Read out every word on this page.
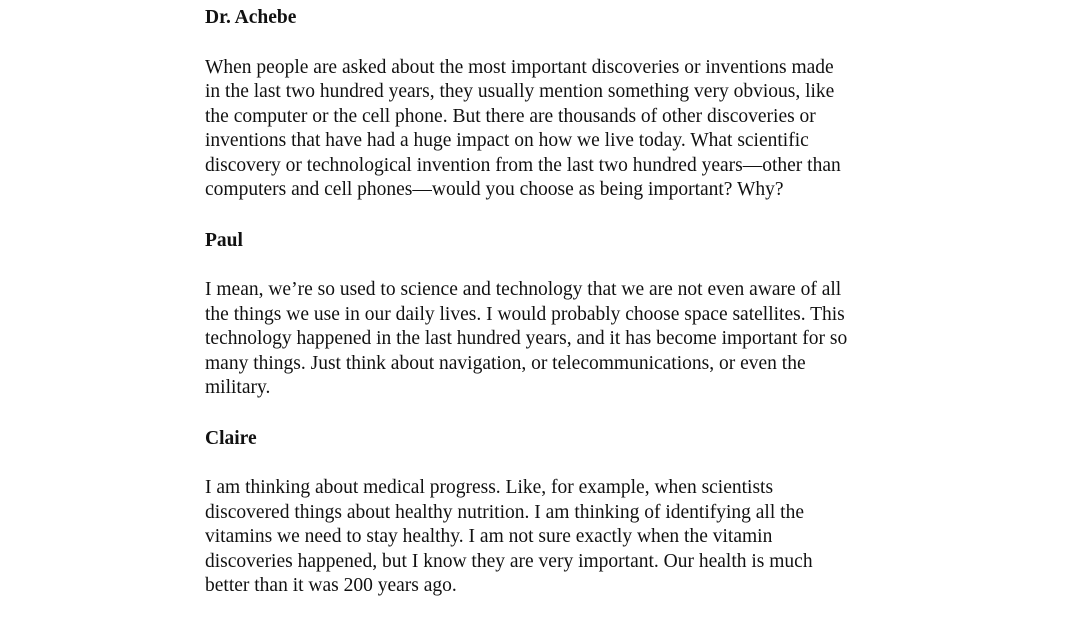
Dr. Achebe

When people are asked about the most important discoveries or inventions made
in the last two hundred years, they usually mention something very obvious, like
the computer or the cell phone. But there are thousands of other discoveries or
inventions that have had a huge impact on how we live today. What scientific
discovery or technological invention from the last two hundred years—other than
computers and cell phones—would you choose as being important? Why?

Paul

I mean, we’re so used to science and technology that we are not even aware of all
the things we use in our daily lives. I would probably choose space satellites. This
technology happened in the last hundred years, and it has become important for so
many things. Just think about navigation, or telecommunications, or even the
military.

Claire

I am thinking about medical progress. Like, for example, when scientists
discovered things about healthy nutrition. I am thinking of identifying all the
vitamins we need to stay healthy. I am not sure exactly when the vitamin
discoveries happened, but I know they are very important. Our health is much
better than it was 200 years ago.
